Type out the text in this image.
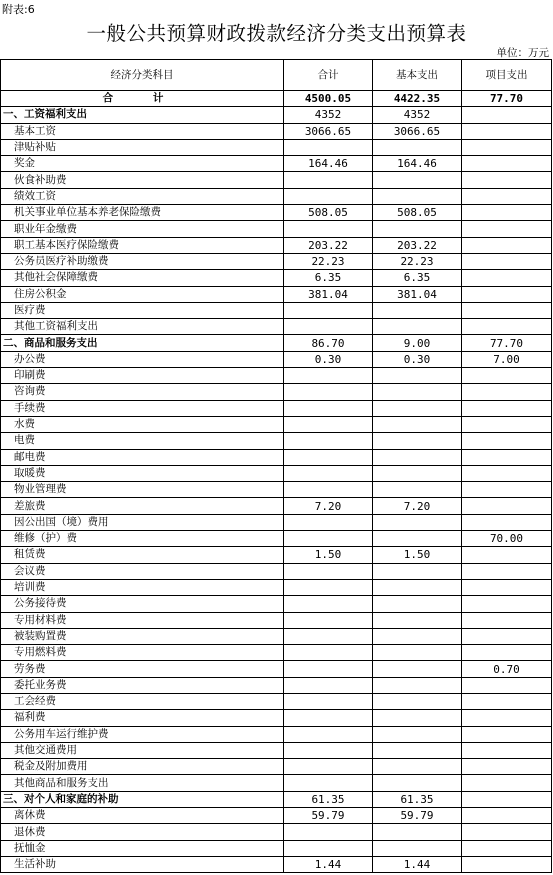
附表:6
一般公共预算财政拨款经济分类支出预算表
单位：万元
经济分类科目	合计	基本支出	项目支出
合 计	4500.05	4422.35	77.70
一、工资福利支出	4352	4352	
基本工资	3066.65	3066.65	
津贴补贴			
奖金	164.46	164.46	
伙食补助费			
绩效工资			
机关事业单位基本养老保险缴费	508.05	508.05	
职业年金缴费			
职工基本医疗保险缴费	203.22	203.22	
公务员医疗补助缴费	22.23	22.23	
其他社会保障缴费	6.35	6.35	
住房公积金	381.04	381.04	
医疗费			
其他工资福利支出			
二、商品和服务支出	86.70	9.00	77.70
办公费	0.30	0.30	7.00
印刷费			
咨询费			
手续费			
水费			
电费			
邮电费			
取暖费			
物业管理费			
差旅费	7.20	7.20	
因公出国（境）费用			
维修（护）费			70.00
租赁费	1.50	1.50	
会议费			
培训费			
公务接待费			
专用材料费			
被装购置费			
专用燃料费			
劳务费			0.70
委托业务费			
工会经费			
福利费			
公务用车运行维护费			
其他交通费用			
税金及附加费用			
其他商品和服务支出			
三、对个人和家庭的补助	61.35	61.35	
离休费	59.79	59.79	
退休费			
抚恤金			
生活补助	1.44	1.44	
